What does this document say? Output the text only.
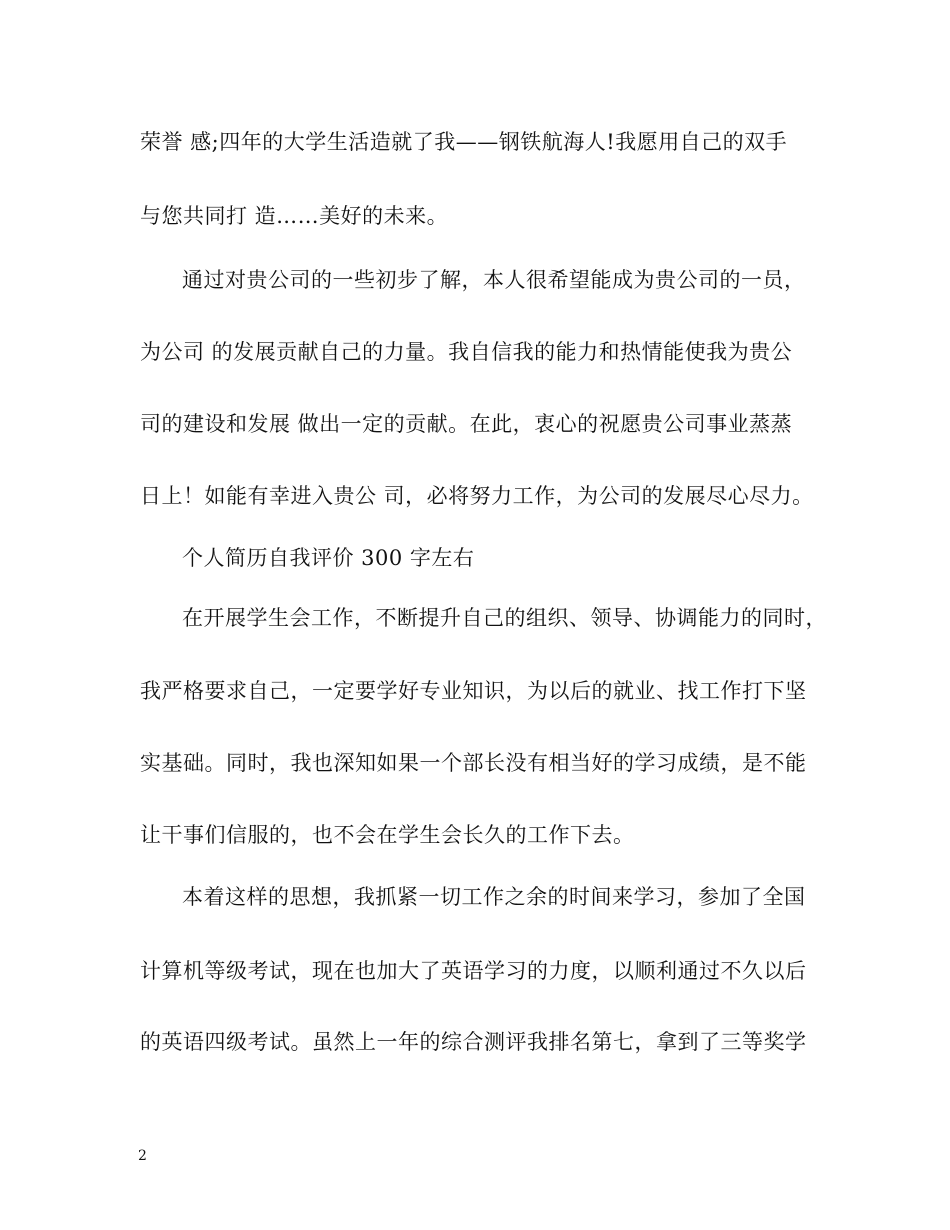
荣誉 感;四年的大学生活造就了我——钢铁航海人!我愿用自己的双手
与您共同打 造……美好的未来。
通过对贵公司的一些初步了解，本人很希望能成为贵公司的一员，
为公司 的发展贡献自己的力量。我自信我的能力和热情能使我为贵公
司的建设和发展 做出一定的贡献。在此，衷心的祝愿贵公司事业蒸蒸
日上！如能有幸进入贵公 司，必将努力工作，为公司的发展尽心尽力。
个人简历自我评价 300 字左右
在开展学生会工作，不断提升自己的组织、领导、协调能力的同时，
我严格要求自己，一定要学好专业知识，为以后的就业、找工作打下坚
实基础。同时，我也深知如果一个部长没有相当好的学习成绩，是不能
让干事们信服的，也不会在学生会长久的工作下去。
本着这样的思想，我抓紧一切工作之余的时间来学习，参加了全国
计算机等级考试，现在也加大了英语学习的力度，以顺利通过不久以后
的英语四级考试。虽然上一年的综合测评我排名第七，拿到了三等奖学
2
